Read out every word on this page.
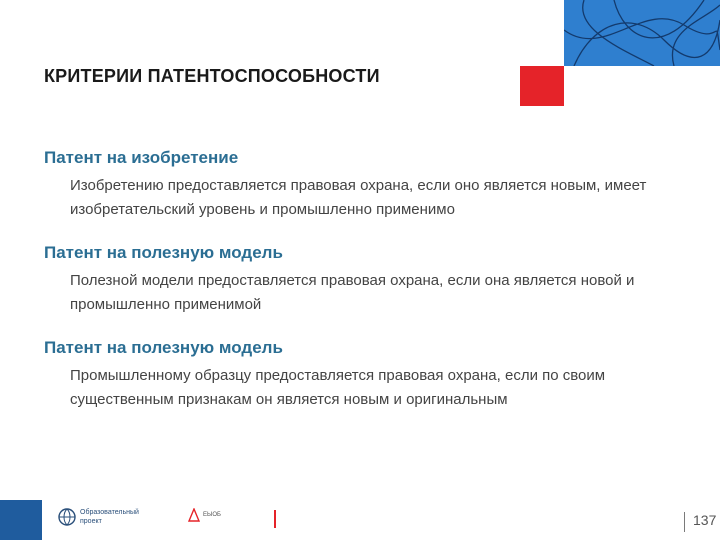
КРИТЕРИИ ПАТЕНТОСПОСОБНОСТИ
Патент на изобретение
Изобретению предоставляется правовая охрана, если оно является новым, имеет изобретательский уровень и промышленно применимо
Патент на полезную модель
Полезной модели предоставляется правовая охрана, если она является новой и промышленно применимой
Патент на полезную модель
Промышленному образцу предоставляется правовая охрана, если по своим существенным признакам он является новым и оригинальным
Образовательный проект
ЕЫОБ	137
